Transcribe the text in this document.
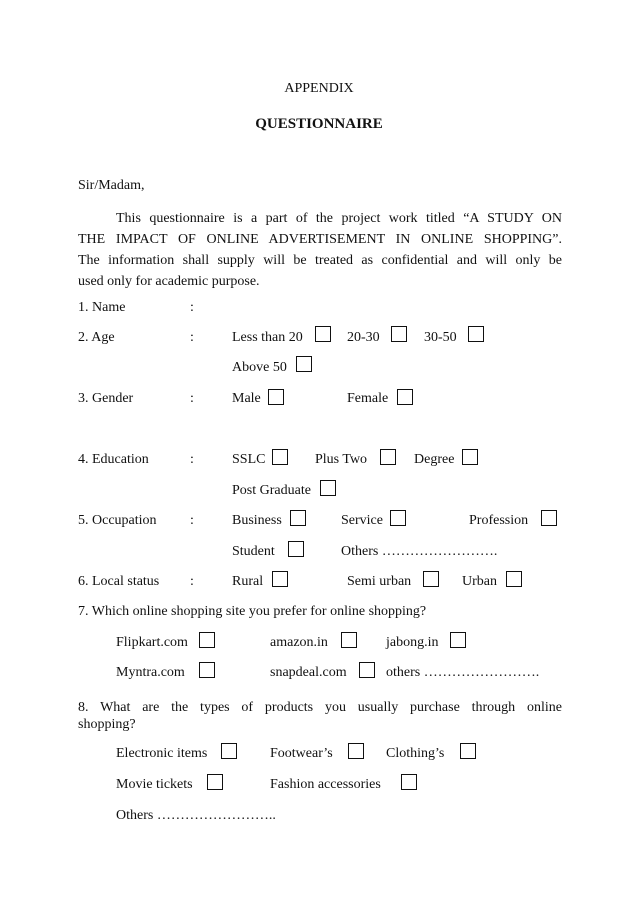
APPENDIX
QUESTIONNAIRE
Sir/Madam,
This questionnaire is a part of the project work titled “A STUDY ON
THE IMPACT OF ONLINE ADVERTISEMENT IN ONLINE SHOPPING”.
The information shall supply will be treated as confidential and will only be
used only for academic purpose.
1. Name	:
2. Age	:	Less than 20	20-30	30-50
Above 50
3. Gender	:	Male	Female
4. Education	:	SSLC	Plus Two	Degree
Post Graduate
5. Occupation :	Business	Service	Profession
Student	Others …………………….
6. Local status :	Rural	Semi urban	Urban
7. Which online shopping site you prefer for online shopping?
Flipkart.com	amazon.in	jabong.in
Myntra.com	snapdeal.com	others …………………….
8. What are the types of products you usually purchase through online
shopping?
Electronic items	Footwear’s	Clothing’s
Movie tickets	Fashion accessories
Others ……………………..
